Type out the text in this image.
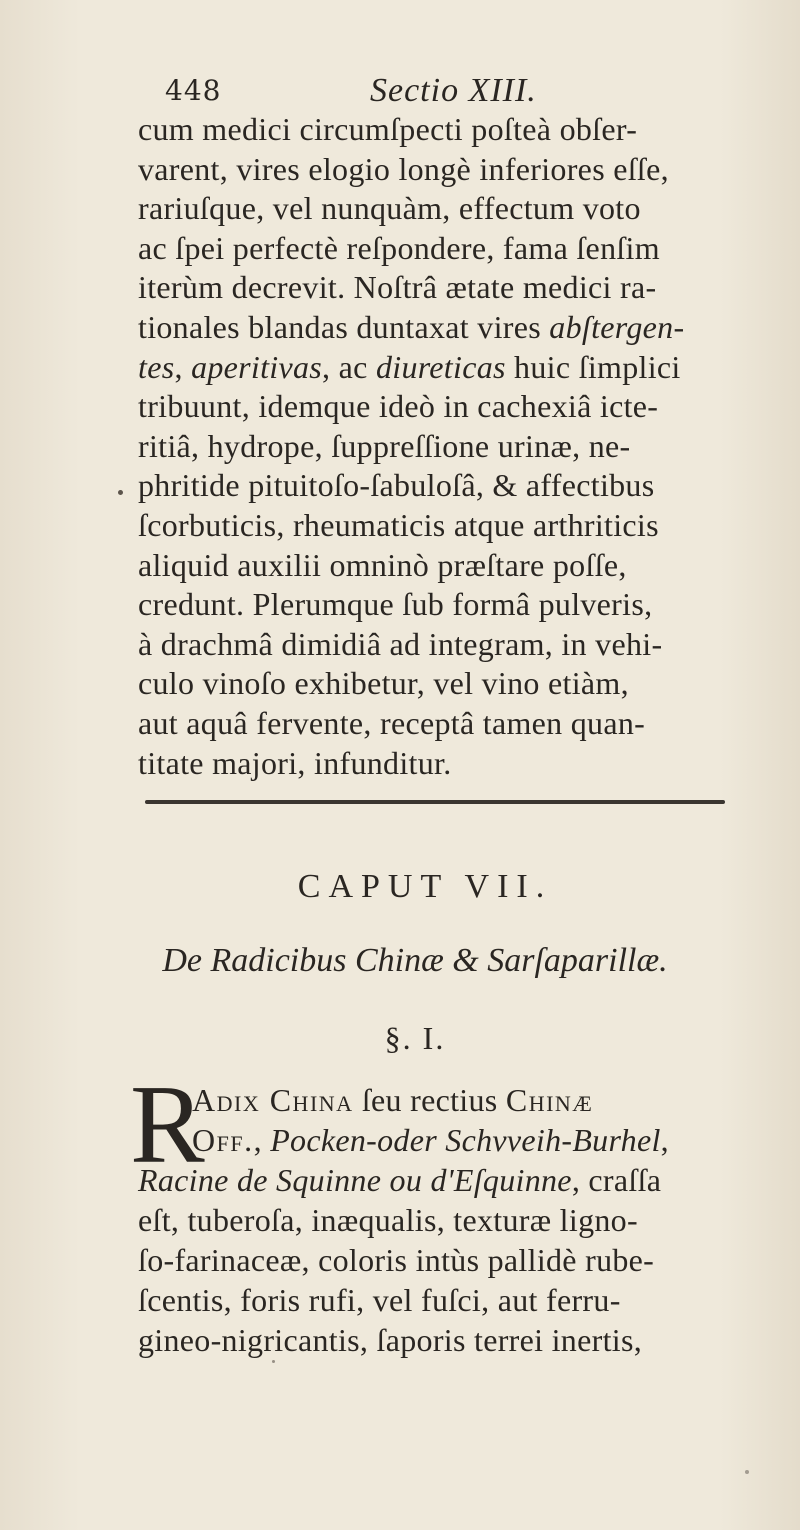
448	Sectio XIII.
cum medici circumſpecti poſteà obſer-
varent, vires elogio longè inferiores eſſe,
rariuſque, vel nunquàm, effectum voto
ac ſpei perfectè reſpondere, fama ſenſim
iterùm decrevit. Noſtrâ ætate medici ra-
tionales blandas duntaxat vires abſtergen-
tes, aperitivas, ac diureticas huic ſimplici
tribuunt, idemque ideò in cachexiâ icte-
ritiâ, hydrope, ſuppreſſione urinæ, ne-
phritide pituitoſo-ſabuloſâ, & affectibus
ſcorbuticis, rheumaticis atque arthriticis
aliquid auxilii omninò præſtare poſſe,
credunt. Plerumque ſub formâ pulveris,
à drachmâ dimidiâ ad integram, in vehi-
culo vinoſo exhibetur, vel vino etiàm,
aut aquâ fervente, receptâ tamen quan-
titate majori, infunditur.
CAPUT VII.
De Radicibus Chinæ & Sarſaparillæ.
§. I.
R
Adix China ſeu rectius Chinæ
Off., Pocken-oder Schvveih-Burhel,
Racine de Squinne ou d'Eſquinne, craſſa
eſt, tuberoſa, inæqualis, texturæ ligno-
ſo-farinaceæ, coloris intùs pallidè rube-
ſcentis, foris rufi, vel fuſci, aut ferru-
gineo-nigricantis, ſaporis terrei inertis,
